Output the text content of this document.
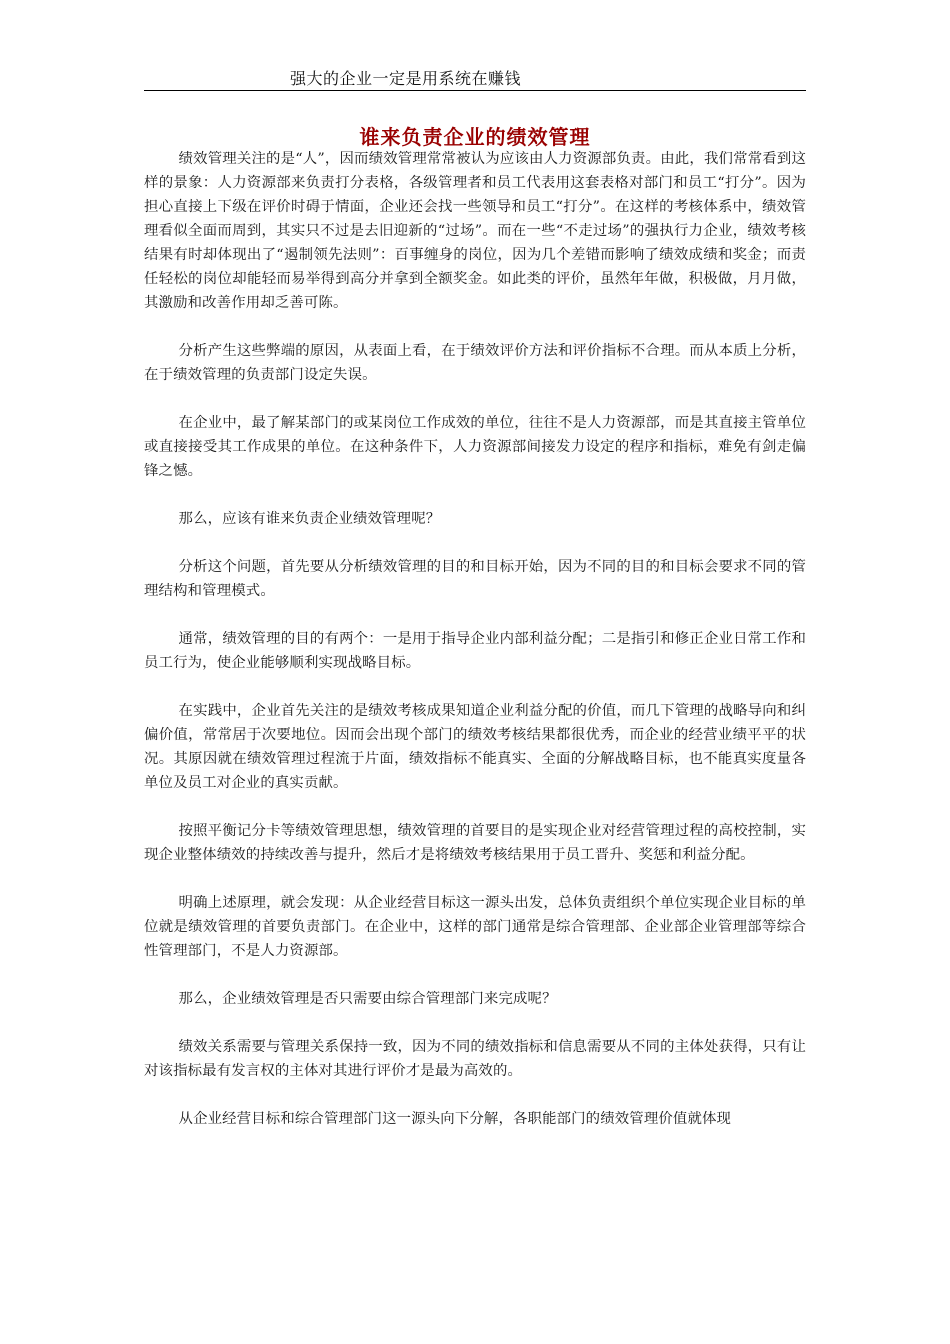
强大的企业一定是用系统在赚钱
谁来负责企业的绩效管理

绩效管理关注的是“人”，因而绩效管理常常被认为应该由人力资源部负责。由此，我们常常看到这样的景象：人力资源部来负责打分表格，各级管理者和员工代表用这套表格对部门和员工“打分”。因为担心直接上下级在评价时碍于情面，企业还会找一些领导和员工“打分”。在这样的考核体系中，绩效管理看似全面而周到，其实只不过是去旧迎新的“过场”。而在一些“不走过场”的强执行力企业，绩效考核结果有时却体现出了“遏制领先法则”：百事缠身的岗位，因为几个差错而影响了绩效成绩和奖金；而责任轻松的岗位却能轻而易举得到高分并拿到全额奖金。如此类的评价，虽然年年做，积极做，月月做，其激励和改善作用却乏善可陈。

分析产生这些弊端的原因，从表面上看，在于绩效评价方法和评价指标不合理。而从本质上分析，在于绩效管理的负责部门设定失误。

在企业中，最了解某部门的或某岗位工作成效的单位，往往不是人力资源部，而是其直接主管单位或直接接受其工作成果的单位。在这种条件下，人力资源部间接发力设定的程序和指标，难免有剑走偏锋之憾。

那么，应该有谁来负责企业绩效管理呢？

分析这个问题，首先要从分析绩效管理的目的和目标开始，因为不同的目的和目标会要求不同的管理结构和管理模式。

通常，绩效管理的目的有两个：一是用于指导企业内部利益分配；二是指引和修正企业日常工作和员工行为，使企业能够顺利实现战略目标。

在实践中，企业首先关注的是绩效考核成果知道企业利益分配的价值，而几下管理的战略导向和纠偏价值，常常居于次要地位。因而会出现个部门的绩效考核结果都很优秀，而企业的经营业绩平平的状况。其原因就在绩效管理过程流于片面，绩效指标不能真实、全面的分解战略目标，也不能真实度量各单位及员工对企业的真实贡献。

按照平衡记分卡等绩效管理思想，绩效管理的首要目的是实现企业对经营管理过程的高校控制，实现企业整体绩效的持续改善与提升，然后才是将绩效考核结果用于员工晋升、奖惩和利益分配。

明确上述原理，就会发现：从企业经营目标这一源头出发，总体负责组织个单位实现企业目标的单位就是绩效管理的首要负责部门。在企业中，这样的部门通常是综合管理部、企业部企业管理部等综合性管理部门，不是人力资源部。

那么，企业绩效管理是否只需要由综合管理部门来完成呢？

绩效关系需要与管理关系保持一致，因为不同的绩效指标和信息需要从不同的主体处获得，只有让对该指标最有发言权的主体对其进行评价才是最为高效的。

从企业经营目标和综合管理部门这一源头向下分解，各职能部门的绩效管理价值就体现
